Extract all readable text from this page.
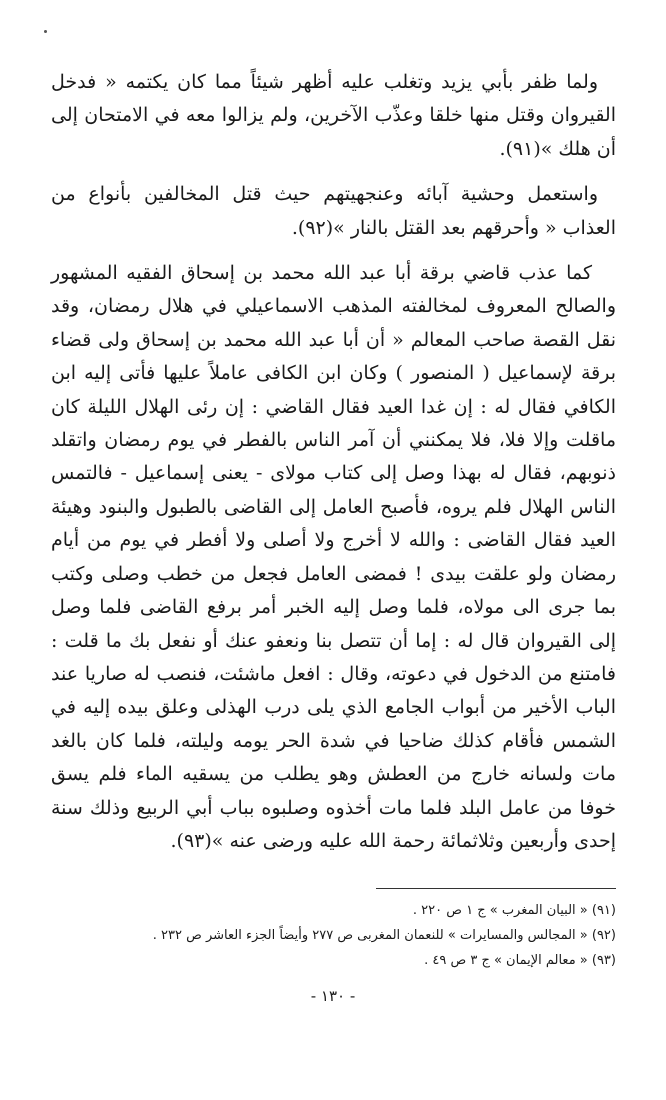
ولما ظفر بأبي يزيد وتغلب عليه أظهر شيئاً مما كان يكتمه « فدخل القيروان وقتل منها خلقا وعذّب الآخرين، ولم يزالوا معه في الامتحان إلى أن هلك »(٩١).

واستعمل وحشية آبائه وعنجهيتهم حيث قتل المخالفين بأنواع من العذاب « وأحرقهم بعد القتل بالنار »(٩٢).

كما عذب قاضي برقة أبا عبد الله محمد بن إسحاق الفقيه المشهور والصالح المعروف لمخالفته المذهب الاسماعيلي في هلال رمضان، وقد نقل القصة صاحب المعالم « أن أبا عبد الله محمد بن إسحاق ولى قضاء برقة لإسماعيل ( المنصور ) وكان ابن الكافى عاملاً عليها فأتى إليه ابن الكافي فقال له : إن غدا العيد فقال القاضي : إن رئى الهلال الليلة كان ماقلت وإلا فلا، فلا يمكنني أن آمر الناس بالفطر في يوم رمضان واتقلد ذنوبهم، فقال له بهذا وصل إلى كتاب مولاى - يعنى إسماعيل - فالتمس الناس الهلال فلم يروه، فأصبح العامل إلى القاضى بالطبول والبنود وهيئة العيد فقال القاضى : والله لا أخرج ولا أصلى ولا أفطر في يوم من أيام رمضان ولو علقت بيدى ! فمضى العامل فجعل من خطب وصلى وكتب بما جرى الى مولاه، فلما وصل إليه الخبر أمر برفع القاضى فلما وصل إلى القيروان قال له : إما أن تتصل بنا ونعفو عنك أو نفعل بك ما قلت : فامتنع من الدخول في دعوته، وقال : افعل ماشئت، فنصب له صاريا عند الباب الأخير من أبواب الجامع الذي يلى درب الهذلى وعلق بيده إليه في الشمس فأقام كذلك ضاحيا في شدة الحر يومه وليلته، فلما كان بالغد مات ولسانه خارج من العطش وهو يطلب من يسقيه الماء فلم يسق خوفا من عامل البلد فلما مات أخذوه وصلبوه بباب أبي الربيع وذلك سنة إحدى وأربعين وثلاثمائة رحمة الله عليه ورضى عنه »(٩٣).

(٩١) « البيان المغرب » ج ١ ص ٢٢٠ .
(٩٢) « المجالس والمسايرات » للنعمان المغربى ص ٢٧٧ وأيضاً الجزء العاشر ص ٢٣٢ .
(٩٣) « معالم الإيمان » ج ٣ ص ٤٩ .
- ١٣٠ -
